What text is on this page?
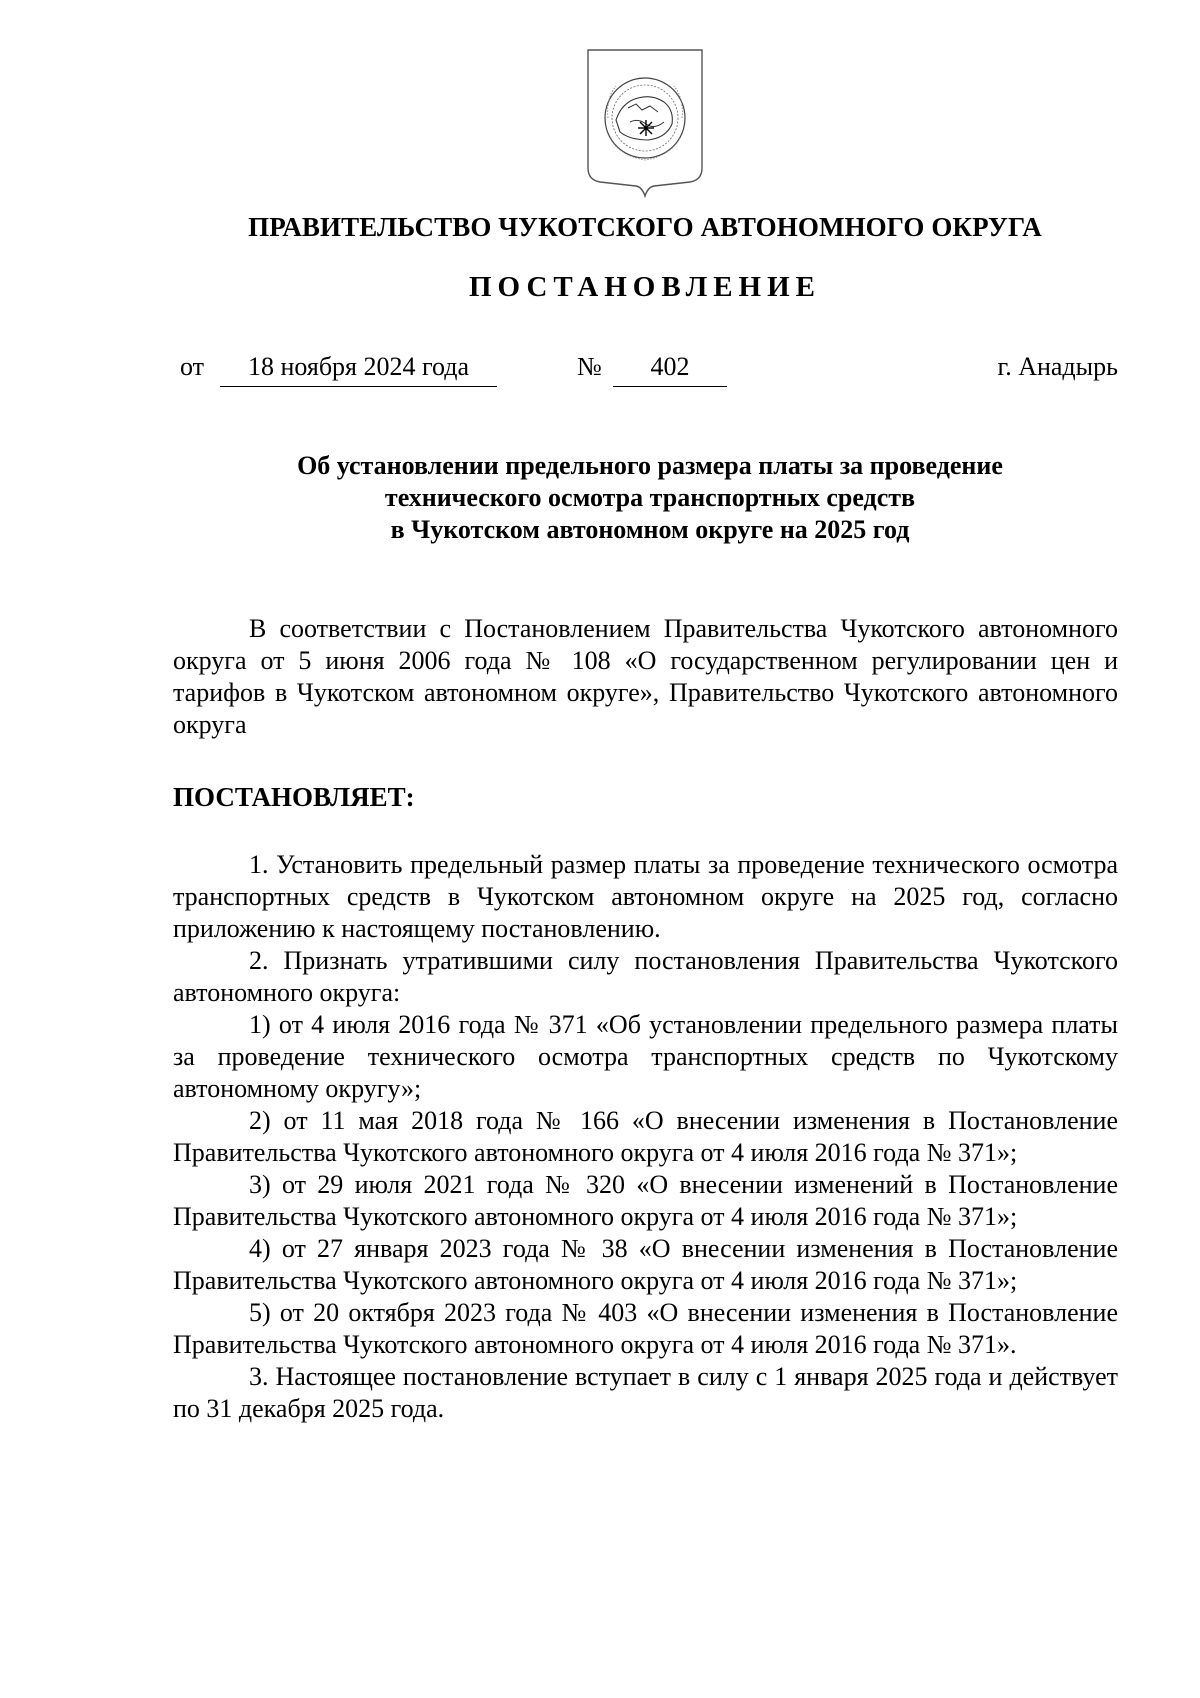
ПРАВИТЕЛЬСТВО ЧУКОТСКОГО АВТОНОМНОГО ОКРУГА
ПОСТАНОВЛЕНИЕ
от	18 ноября 2024 года	№	402	г. Анадырь
Об установлении предельного размера платы за проведение
технического осмотра транспортных средств
в Чукотском автономном округе на 2025 год

В соответствии с Постановлением Правительства Чукотского автономного округа от 5 июня 2006 года № 108 «О государственном регулировании цен и тарифов в Чукотском автономном округе», Правительство Чукотского автономного округа

ПОСТАНОВЛЯЕТ:

1. Установить предельный размер платы за проведение технического осмотра транспортных средств в Чукотском автономном округе на 2025 год, согласно приложению к настоящему постановлению.

2. Признать утратившими силу постановления Правительства Чукотского автономного округа:

1) от 4 июля 2016 года № 371 «Об установлении предельного размера платы за проведение технического осмотра транспортных средств по Чукотскому автономному округу»;

2) от 11 мая 2018 года № 166 «О внесении изменения в Постановление Правительства Чукотского автономного округа от 4 июля 2016 года № 371»;

3) от 29 июля 2021 года № 320 «О внесении изменений в Постановление Правительства Чукотского автономного округа от 4 июля 2016 года № 371»;

4) от 27 января 2023 года № 38 «О внесении изменения в Постановление Правительства Чукотского автономного округа от 4 июля 2016 года № 371»;

5) от 20 октября 2023 года № 403 «О внесении изменения в Постановление Правительства Чукотского автономного округа от 4 июля 2016 года № 371».

3. Настоящее постановление вступает в силу с 1 января 2025 года и действует по 31 декабря 2025 года.
